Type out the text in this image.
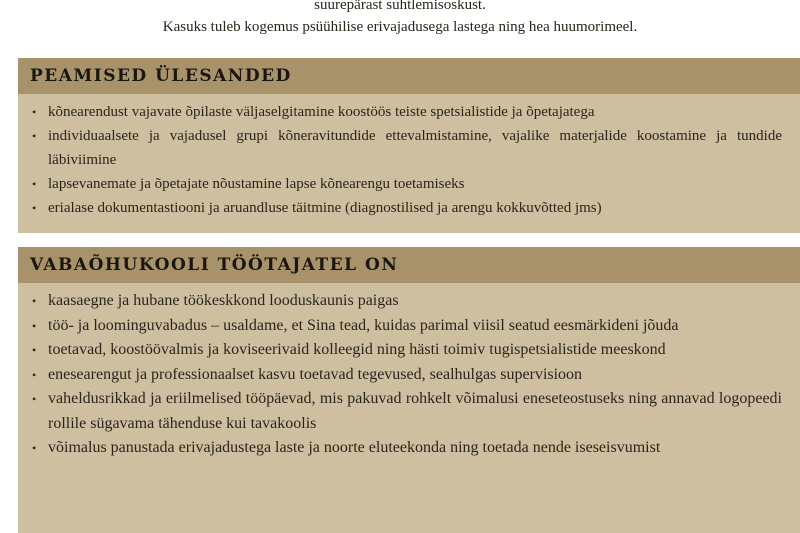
suurepärast suhtlemisoskust.

Kasuks tuleb kogemus psüühilise erivajadusega lastega ning hea huumorimeel.

PEAMISED ÜLESANDED
• kõnearendust vajavate õpilaste väljaselgitamine koostöös teiste spetsialistide ja õpetajatega
• individuaalsete ja vajadusel grupi kõneravitundide ettevalmistamine, vajalike materjalide koostamine ja tundide läbiviimine
• lapsevanemate ja õpetajate nõustamine lapse kõnearengu toetamiseks
• erialase dokumentastiooni ja aruandluse täitmine (diagnostilised ja arengu kokkuvõtted jms)
VABAÕHUKOOLI TÖÖTAJATEL ON
• kaasaegne ja hubane töökeskkond looduskaunis paigas
• töö- ja loominguvabadus – usaldame, et Sina tead, kuidas parimal viisil seatud eesmärkideni jõuda
• toetavad, koostöövalmis ja koviseerivaid kolleegid ning hästi toimiv tugispetsialistide meeskond
• enesearengut ja professionaalset kasvu toetavad tegevused, sealhulgas supervisioon
• vaheldusrikkad ja eriilmelised tööpäevad, mis pakuvad rohkelt võimalusi eneseteostuseks ning annavad logopeedi rollile sügavama tähenduse kui tavakoolis
• võimalus panustada erivajadustega laste ja noorte eluteekonda ning toetada nende iseseisvumist
